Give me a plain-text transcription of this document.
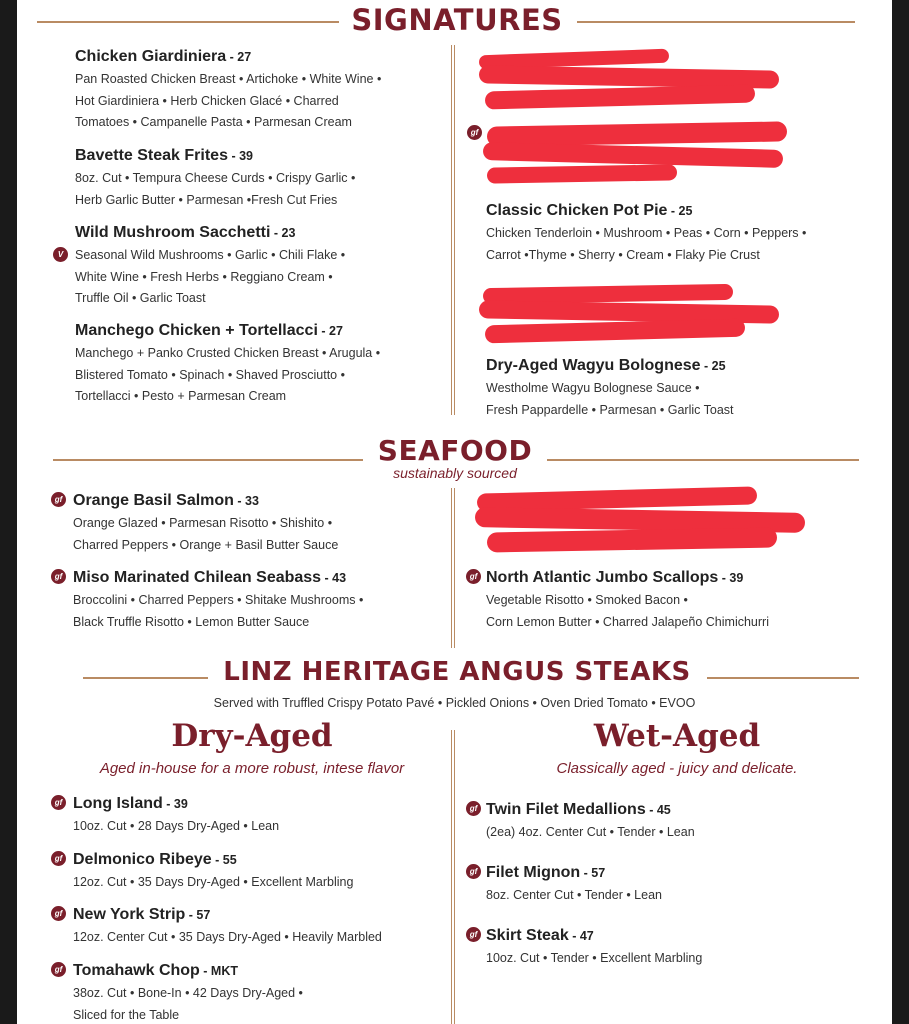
SIGNATURES
Chicken Giardiniera - 27
Pan Roasted Chicken Breast • Artichoke • White Wine •
Hot Giardiniera • Herb Chicken Glacé • Charred
Tomatoes • Campanelle Pasta • Parmesan Cream
Bavette Steak Frites - 39
8oz. Cut • Tempura Cheese Curds • Crispy Garlic •
Herb Garlic Butter • Parmesan •Fresh Cut Fries
V
Wild Mushroom Sacchetti - 23
Seasonal Wild Mushrooms • Garlic • Chili Flake •
White Wine • Fresh Herbs • Reggiano Cream •
Truffle Oil • Garlic Toast
Manchego Chicken + Tortellacci - 27
Manchego + Panko Crusted Chicken Breast • Arugula •
Blistered Tomato • Spinach • Shaved Prosciutto •
Tortellacci • Pesto + Parmesan Cream
gf
Classic Chicken Pot Pie - 25
Chicken Tenderloin • Mushroom • Peas • Corn • Peppers •
Carrot •Thyme • Sherry • Cream • Flaky Pie Crust
Dry-Aged Wagyu Bolognese - 25
Westholme Wagyu Bolognese Sauce •
Fresh Pappardelle • Parmesan • Garlic Toast
SEAFOOD
sustainably sourced
gf Orange Basil Salmon - 33
Orange Glazed • Parmesan Risotto • Shishito •
Charred Peppers • Orange + Basil Butter Sauce
gf Miso Marinated Chilean Seabass - 43
Broccolini • Charred Peppers • Shitake Mushrooms •
Black Truffle Risotto • Lemon Butter Sauce
gf North Atlantic Jumbo Scallops - 39
Vegetable Risotto • Smoked Bacon •
Corn Lemon Butter • Charred Jalapeño Chimichurri
LINZ HERITAGE ANGUS STEAKS
Served with Truffled Crispy Potato Pavé • Pickled Onions • Oven Dried Tomato • EVOO
Dry-Aged
Aged in-house for a more robust, intese flavor
gf Long Island - 39
10oz. Cut • 28 Days Dry-Aged • Lean
gf Delmonico Ribeye - 55
12oz. Cut • 35 Days Dry-Aged • Excellent Marbling
gf New York Strip - 57
12oz. Center Cut • 35 Days Dry-Aged • Heavily Marbled
gf Tomahawk Chop - MKT
38oz. Cut • Bone-In • 42 Days Dry-Aged •
Sliced for the Table
Wet-Aged
Classically aged - juicy and delicate.
gf Twin Filet Medallions - 45
(2ea) 4oz. Center Cut • Tender • Lean
gf Filet Mignon - 57
8oz. Center Cut • Tender • Lean
gf Skirt Steak - 47
10oz. Cut • Tender • Excellent Marbling
